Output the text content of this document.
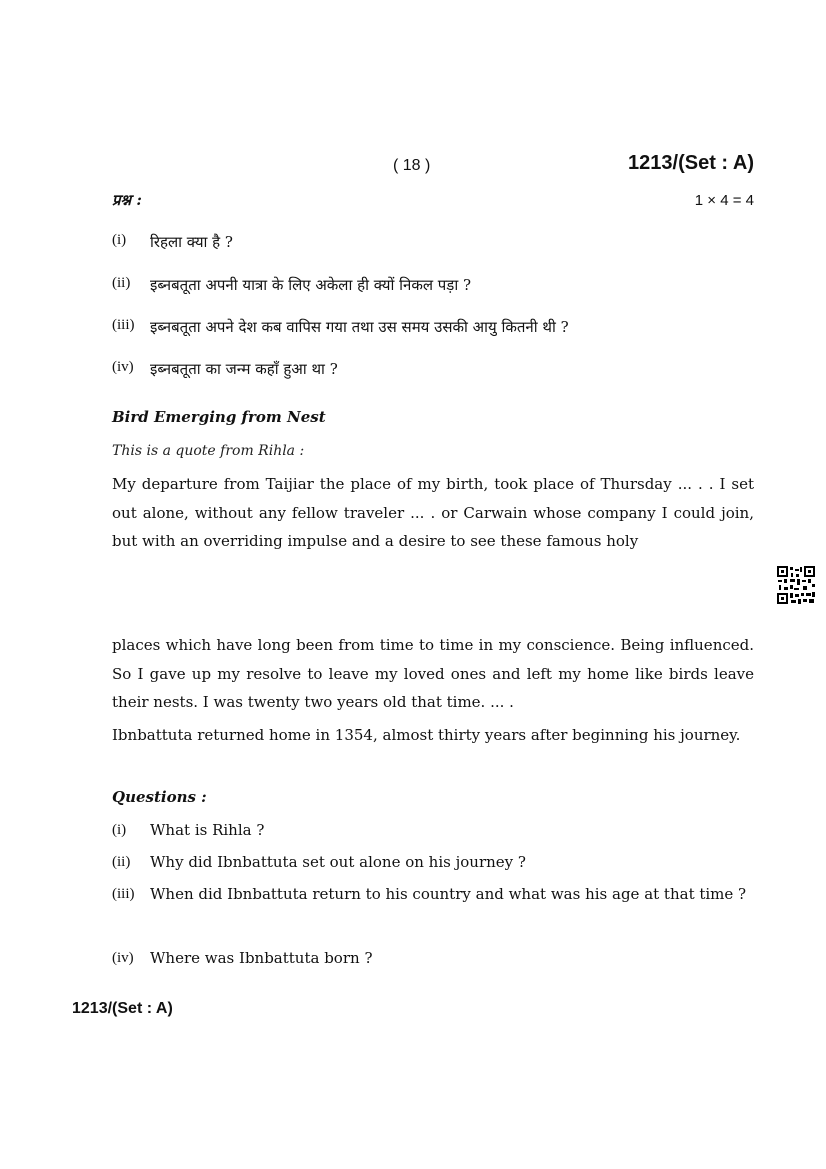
( 18 )	1213/(Set : A)
प्रश्न :	1 × 4 = 4
(i)	रिहला क्या है ?
(ii)	इब्नबतूता अपनी यात्रा के लिए अकेला ही क्यों निकल पड़ा ?
(iii)	इब्नबतूता अपने देश कब वापिस गया तथा उस समय उसकी आयु कितनी थी ?
(iv)	इब्नबतूता का जन्म कहाँ हुआ था ?
Bird Emerging from Nest
This is a quote from Rihla :

My departure from Taijiar the place of my birth, took place of Thursday ... . . I set out alone, without any fellow traveler ... . or Carwain whose company I could join, but with an overriding impulse and a desire to see these famous holy

places which have long been from time to time in my conscience. Being influenced. So I gave up my resolve to leave my loved ones and left my home like birds leave their nests. I was twenty two years old that time. ... .

Ibnbattuta returned home in 1354, almost thirty years after beginning his journey.

Questions :
(i)	What is Rihla ?
(ii)	Why did Ibnbattuta set out alone on his journey ?
(iii)	When did Ibnbattuta return to his country and what was his age at that time ?
(iv)	Where was Ibnbattuta born ?
1213/(Set : A)
